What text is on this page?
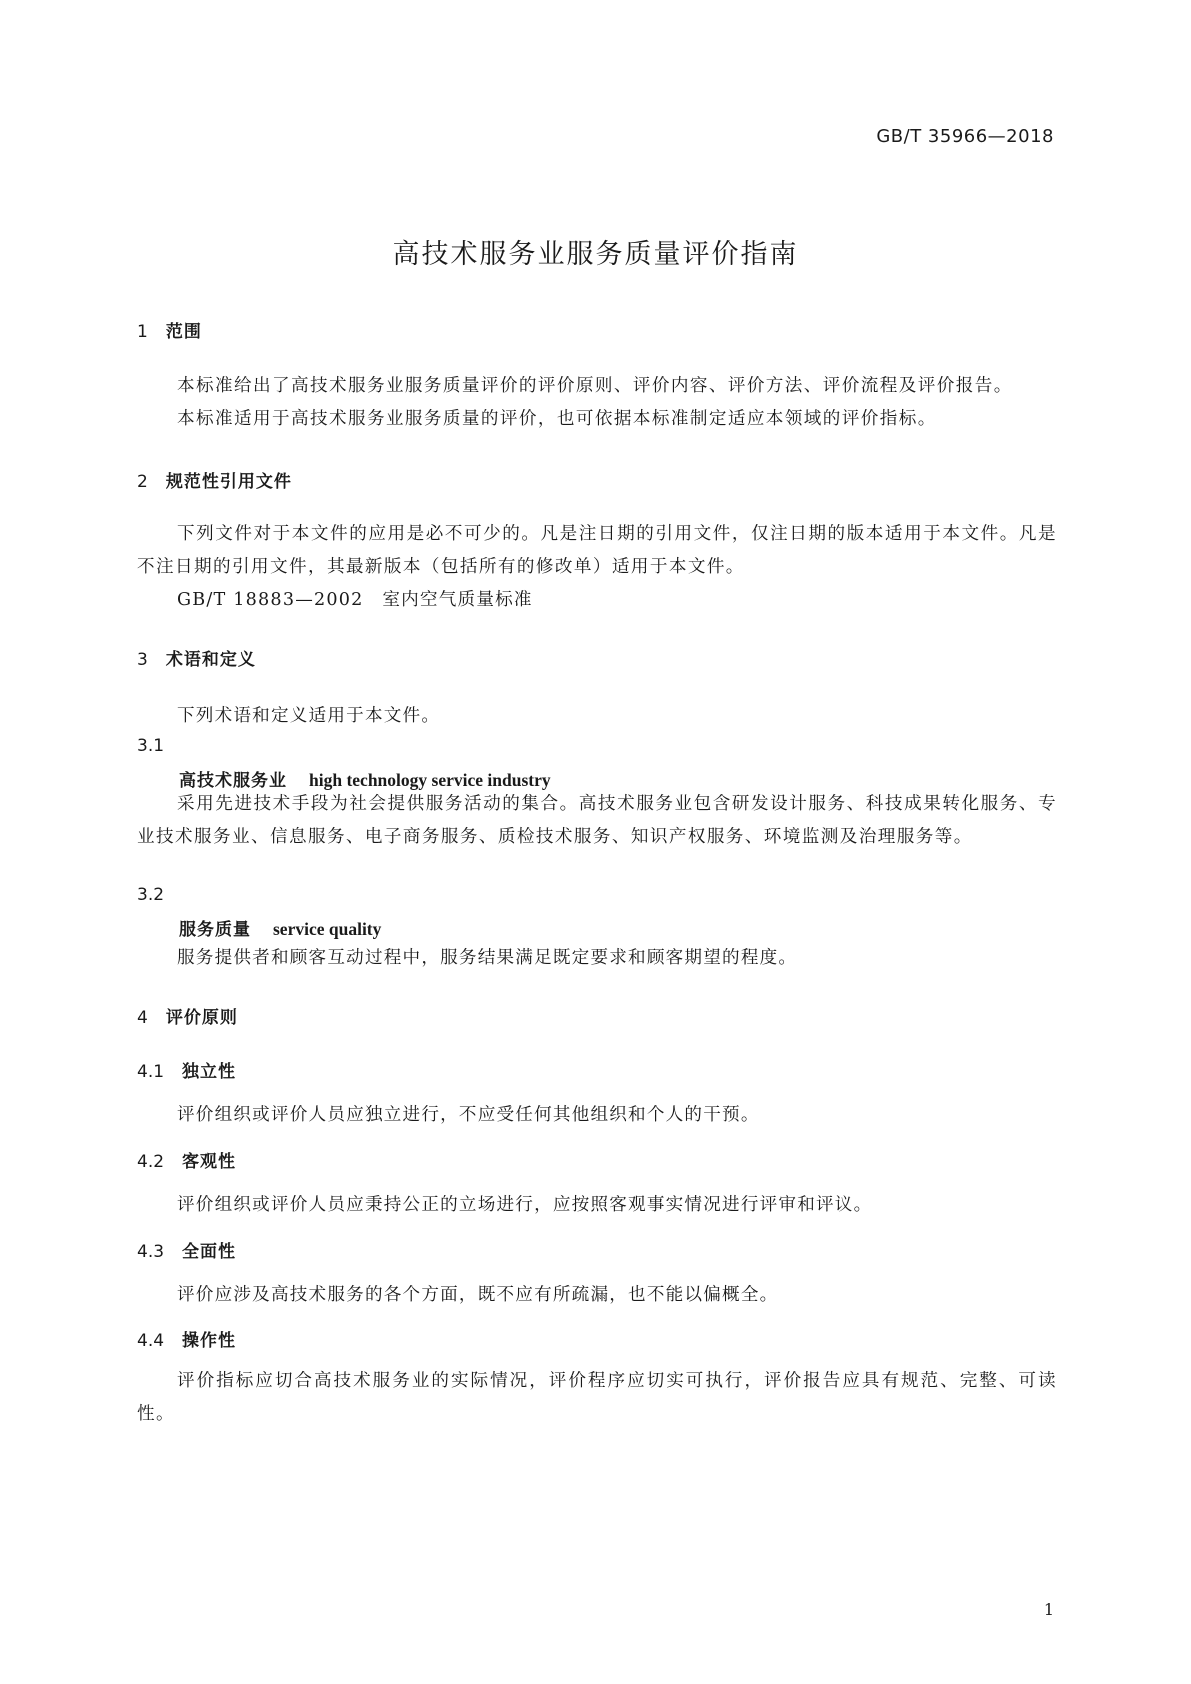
GB/T 35966—2018
高技术服务业服务质量评价指南
1 范围
本标准给出了高技术服务业服务质量评价的评价原则、评价内容、评价方法、评价流程及评价报告。
本标准适用于高技术服务业服务质量的评价，也可依据本标准制定适应本领域的评价指标。
2 规范性引用文件
下列文件对于本文件的应用是必不可少的。凡是注日期的引用文件，仅注日期的版本适用于本文件。凡是不注日期的引用文件，其最新版本（包括所有的修改单）适用于本文件。
GB/T 18883—2002　室内空气质量标准
3 术语和定义
下列术语和定义适用于本文件。
3.1
高技术服务业 high technology service industry
采用先进技术手段为社会提供服务活动的集合。高技术服务业包含研发设计服务、科技成果转化服务、专业技术服务业、信息服务、电子商务服务、质检技术服务、知识产权服务、环境监测及治理服务等。
3.2
服务质量 service quality
服务提供者和顾客互动过程中，服务结果满足既定要求和顾客期望的程度。
4 评价原则
4.1 独立性
评价组织或评价人员应独立进行，不应受任何其他组织和个人的干预。
4.2 客观性
评价组织或评价人员应秉持公正的立场进行，应按照客观事实情况进行评审和评议。
4.3 全面性
评价应涉及高技术服务的各个方面，既不应有所疏漏，也不能以偏概全。
4.4 操作性
评价指标应切合高技术服务业的实际情况，评价程序应切实可执行，评价报告应具有规范、完整、可读性。
1
